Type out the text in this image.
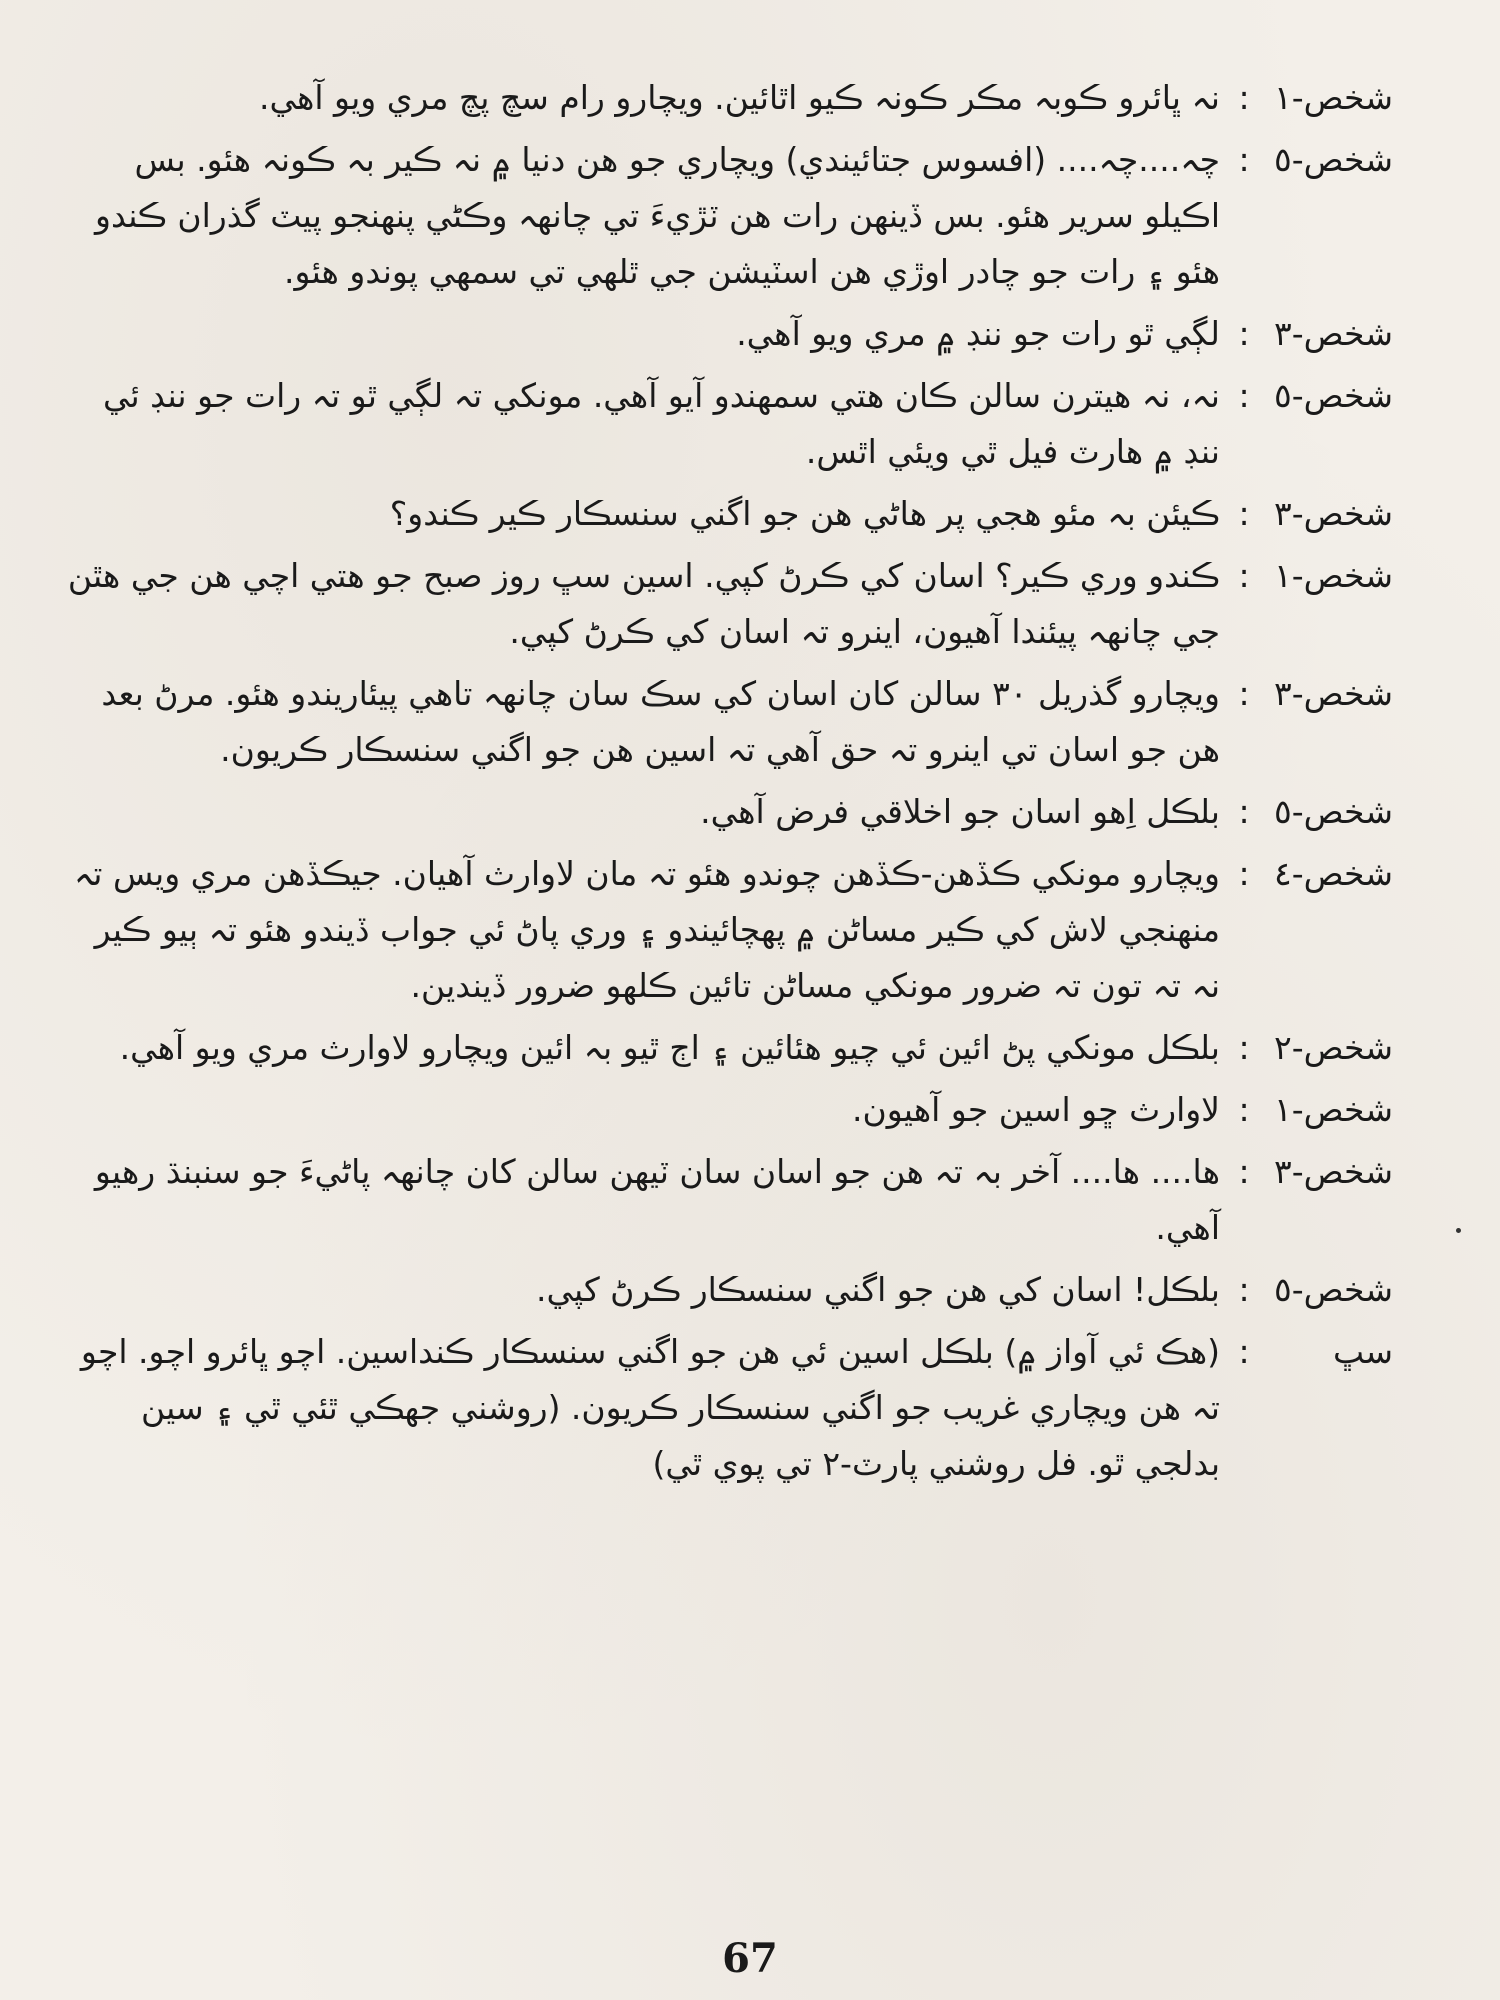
نہ ڀائرو ڪوبہ مڪر ڪونہ ڪيو اٿائين. ويچارو رام سچ پچ مري ويو آهي. : شخص-١
چہ....چہ.... (افسوس جتائيندي) ويچاري جو هن دنيا ۾ نہ ڪير بہ ڪونہ هئو. بس اڪيلو سرير هئو. بس ڏينهن رات هن ٽڙيءَ تي چانهہ وڪڻي پنهنجو پيٽ گذران ڪندو هئو ۽ رات جو چادر اوڙي هن اسٽيشن جي ٿلهي تي سمهي پوندو هئو.
: شخص-٥
لڳي ٿو رات جو ننڊ ۾ مري ويو آهي. : شخص-٣
نہ، نہ هيترن سالن ڪان هتي سمهندو آيو آهي. مونکي تہ لڳي ٿو تہ رات جو ننڊ ئي ننڊ ۾ هارٽ فيل ٿي ويئي اٿس.
: شخص-٥
ڪيئن بہ مئو هجي پر هاڻي هن جو اگني سنسڪار ڪير ڪندو؟ : شخص-٣
ڪندو وري ڪير؟ اسان کي ڪرڻ کپي. اسين سڀ روز صبح جو هتي اچي هن جي هٿن جي چانهہ پيئندا آهيون، اينرو تہ اسان کي ڪرڻ کپي.
: شخص-١
ويچارو گذريل ٣٠ سالن کان اسان کي سڪ سان چانهہ تاهي پيئاريندو هئو. مرڻ بعد هن جو اسان تي اينرو تہ حق آهي تہ اسين هن جو اگني سنسڪار ڪريون.
: شخص-٣
بلڪل اِهو اسان جو اخلاقي فرض آهي. : شخص-٥
ويچارو مونکي ڪڏهن-ڪڏهن چوندو هئو تہ مان لاوارث آهيان. جيڪڏهن مري ويس تہ منهنجي لاش کي ڪير مساڻن ۾ پهچائيندو ۽ وري پاڻ ئي جواب ڏيندو هئو تہ ٻيو ڪير نہ تہ تون تہ ضرور مونکي مساڻن تائين ڪلهو ضرور ڏيندين.
: شخص-٤
بلڪل مونکي پڻ ائين ئي چيو هئائين ۽ اڄ ٿيو بہ ائين ويچارو لاوارث مري ويو آهي. : شخص-٢
لاوارث ڇو اسين جو آهيون. : شخص-١
ها.... ها.... آخر بہ تہ هن جو اسان سان ٽيهن سالن کان چانهہ پاڻيءَ جو سنبنڌ رهيو آهي.
: شخص-٣
بلڪل! اسان کي هن جو اگني سنسڪار ڪرڻ کپي. : شخص-٥
(هڪ ئي آواز ۾) بلڪل اسين ئي هن جو اگني سنسڪار ڪنداسين. اچو ڀائرو اچو. اچو تہ هن ويچاري غريب جو اگني سنسڪار ڪريون. (روشني جهڪي ٿئي ٿي ۽ سين بدلجي ٿو. فل روشني پارٽ-٢ تي پوي ٿي)
:	سڀ
67
